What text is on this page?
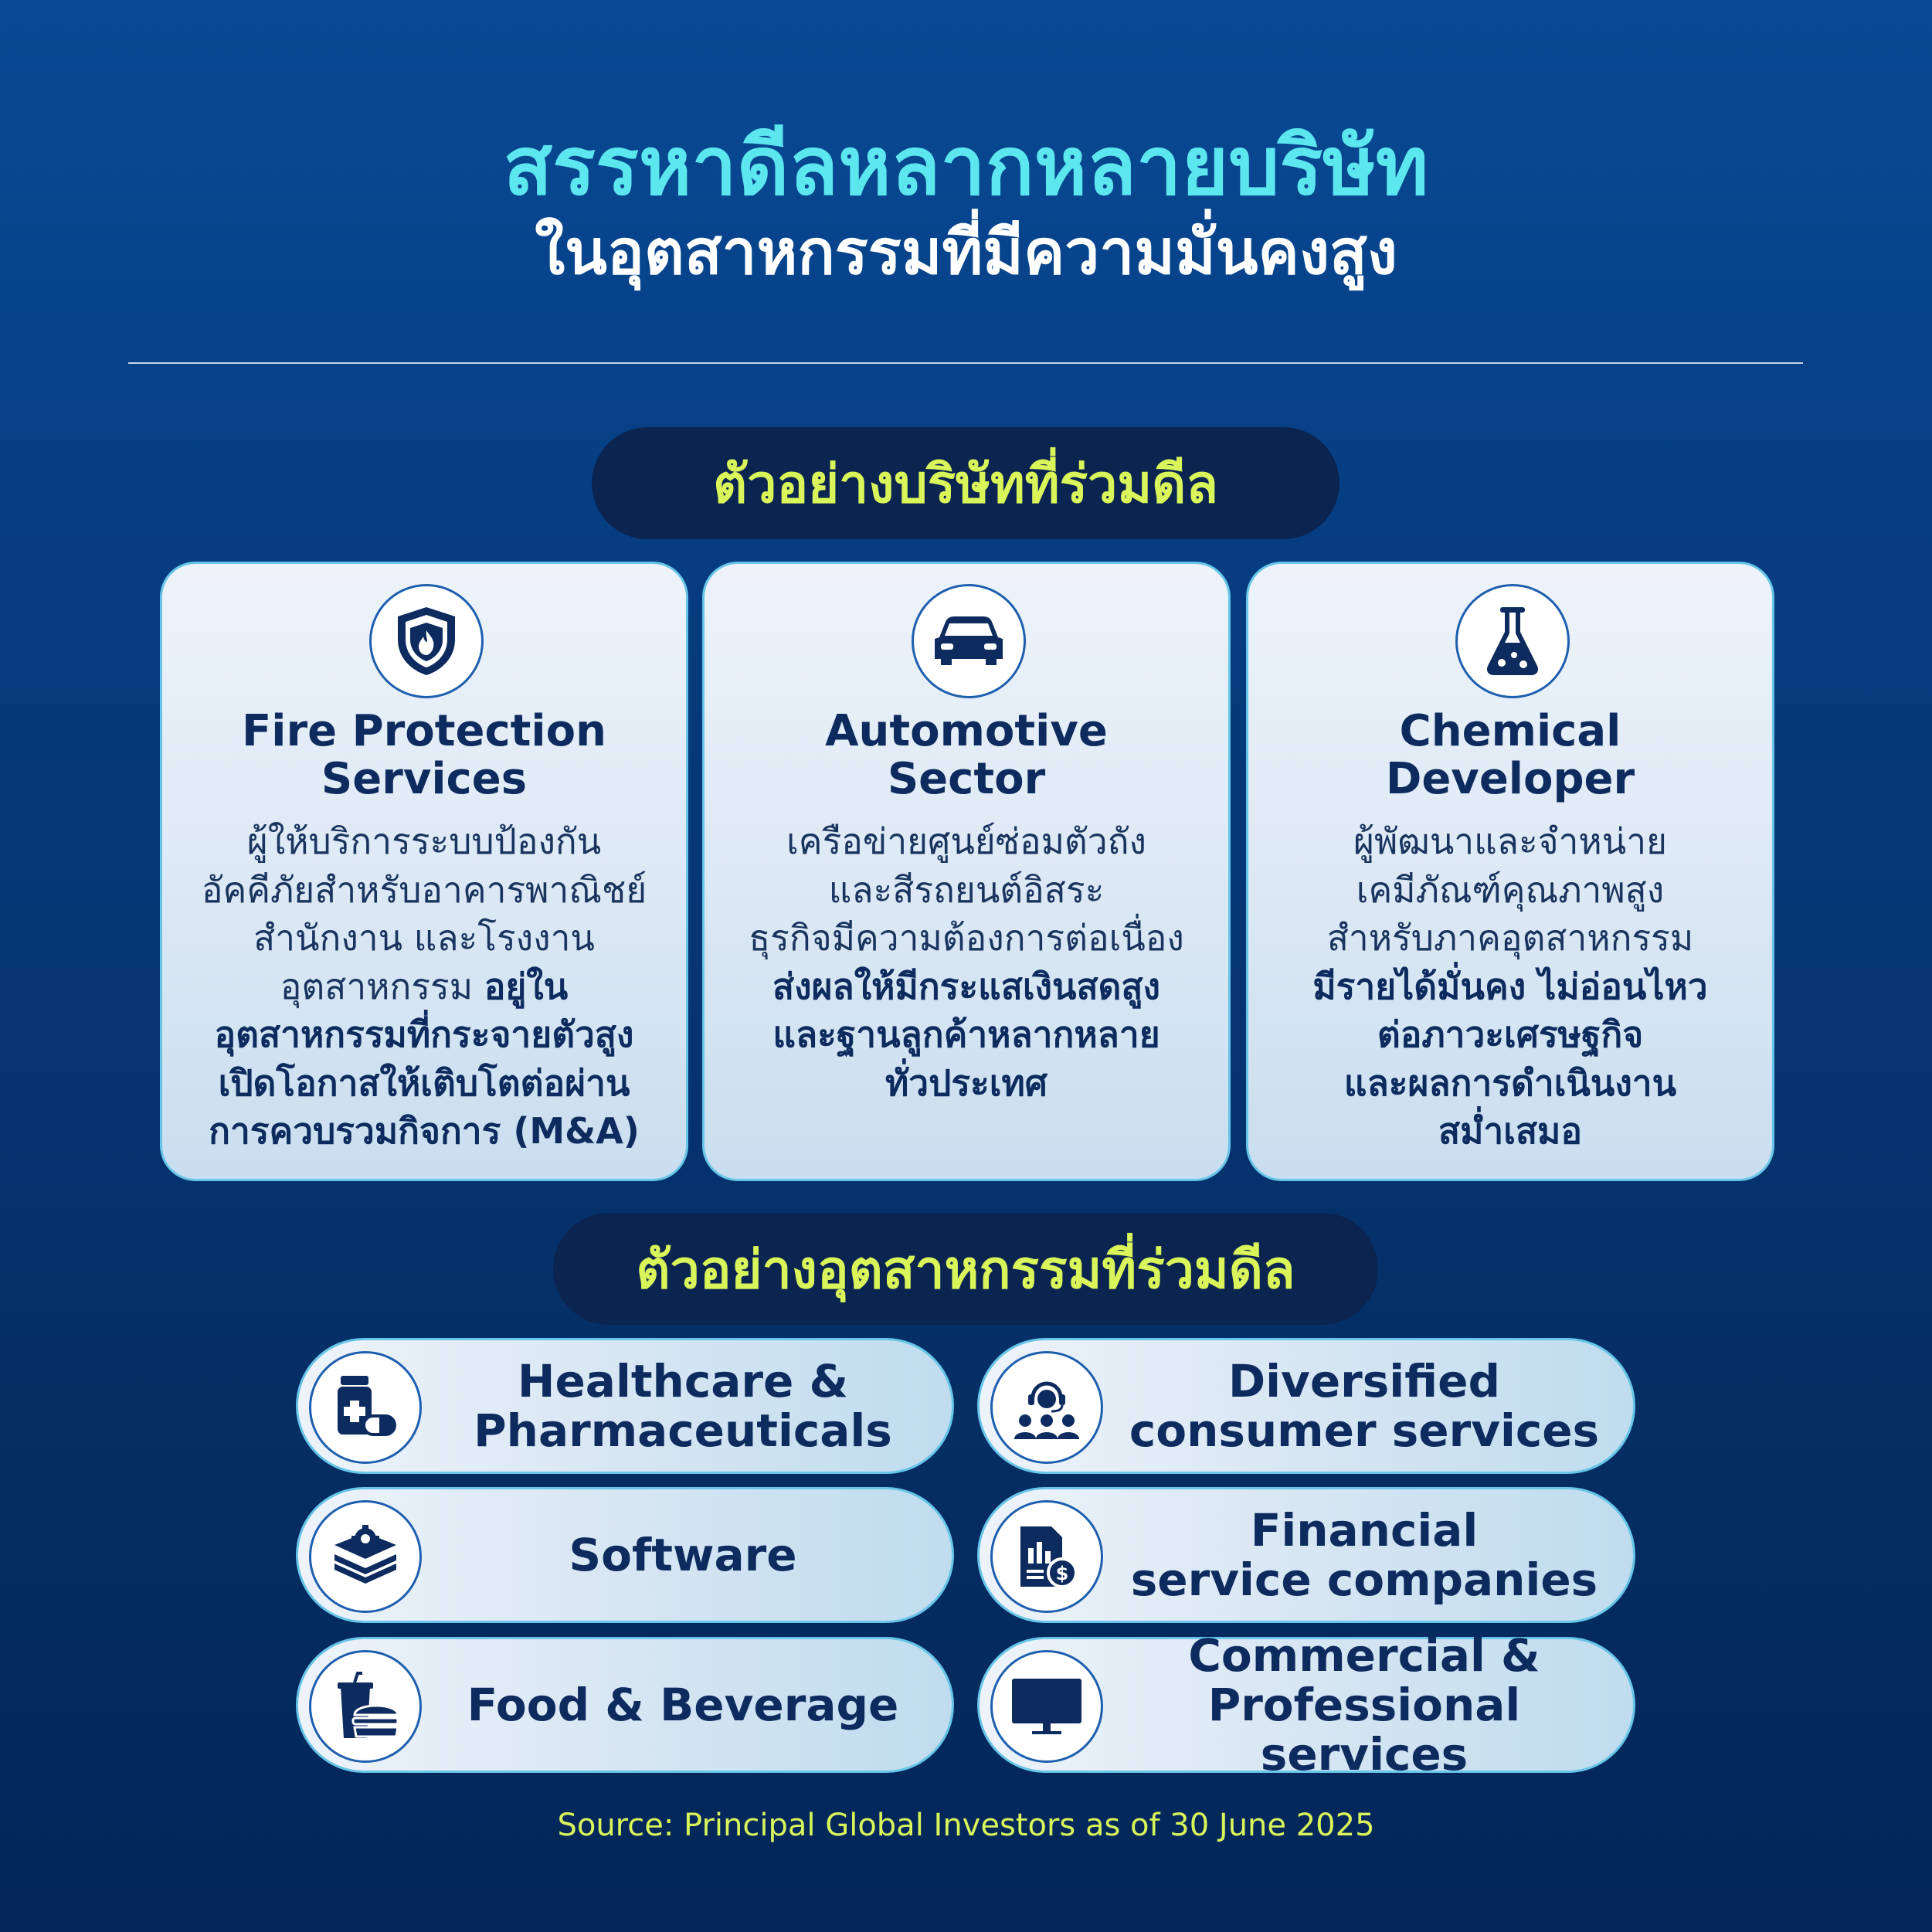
สรรหาดีลหลากหลายบริษัท
ในอุตสาหกรรมที่มีความมั่นคงสูง
ตัวอย่างบริษัทที่ร่วมดีล
Fire Protection
Services
ผู้ให้บริการระบบป้องกัน
อัคคีภัยสำหรับอาคารพาณิชย์
สำนักงาน และโรงงาน
อุตสาหกรรม อยู่ใน
อุตสาหกรรมที่กระจายตัวสูง
เปิดโอกาสให้เติบโตต่อผ่าน
การควบรวมกิจการ (M&A)
Automotive
Sector
เครือข่ายศูนย์ซ่อมตัวถัง
และสีรถยนต์อิสระ
ธุรกิจมีความต้องการต่อเนื่อง
ส่งผลให้มีกระแสเงินสดสูง
และฐานลูกค้าหลากหลาย
ทั่วประเทศ
Chemical
Developer
ผู้พัฒนาและจำหน่าย
เคมีภัณฑ์คุณภาพสูง
สำหรับภาคอุตสาหกรรม
มีรายได้มั่นคง ไม่อ่อนไหว
ต่อภาวะเศรษฐกิจ
และผลการดำเนินงาน
สม่ำเสมอ
ตัวอย่างอุตสาหกรรมที่ร่วมดีล
Healthcare &
Pharmaceuticals
Diversified
consumer services
Software	$
Financial
service companies
Food & Beverage
Commercial &
Professional services
Source: Principal Global Investors as of 30 June 2025
